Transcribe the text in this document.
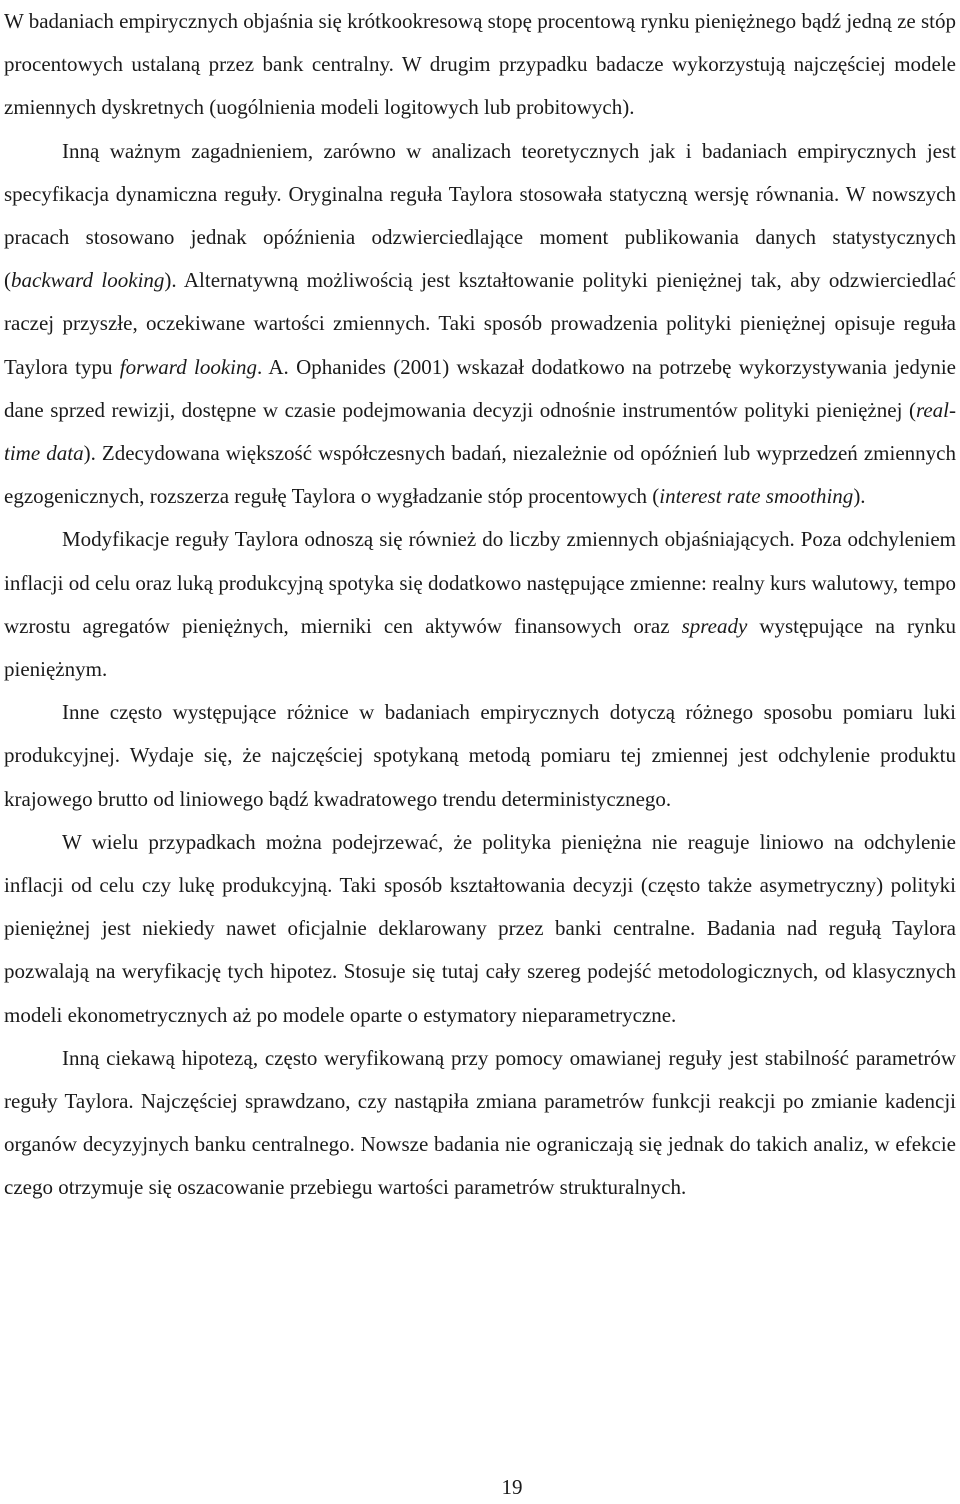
W badaniach empirycznych objaśnia się krótkookresową stopę procentową rynku pieniężnego bądź jedną ze stóp procentowych ustalaną przez bank centralny. W drugim przypadku badacze wykorzystują najczęściej modele zmiennych dyskretnych (uogólnienia modeli logitowych lub probitowych).

Inną ważnym zagadnieniem, zarówno w analizach teoretycznych jak i badaniach empirycznych jest specyfikacja dynamiczna reguły. Oryginalna reguła Taylora stosowała statyczną wersję równania. W nowszych pracach stosowano jednak opóźnienia odzwierciedlające moment publikowania danych statystycznych (backward looking). Alternatywną możliwością jest kształtowanie polityki pieniężnej tak, aby odzwierciedlać raczej przyszłe, oczekiwane wartości zmiennych. Taki sposób prowadzenia polityki pieniężnej opisuje reguła Taylora typu forward looking. A. Ophanides (2001) wskazał dodatkowo na potrzebę wykorzystywania jedynie dane sprzed rewizji, dostępne w czasie podejmowania decyzji odnośnie instrumentów polityki pieniężnej (real-time data). Zdecydowana większość współczesnych badań, niezależnie od opóźnień lub wyprzedzeń zmiennych egzogenicznych, rozszerza regułę Taylora o wygładzanie stóp procentowych (interest rate smoothing).

Modyfikacje reguły Taylora odnoszą się również do liczby zmiennych objaśniających. Poza odchyleniem inflacji od celu oraz luką produkcyjną spotyka się dodatkowo następujące zmienne: realny kurs walutowy, tempo wzrostu agregatów pieniężnych, mierniki cen aktywów finansowych oraz spready występujące na rynku pieniężnym.

Inne często występujące różnice w badaniach empirycznych dotyczą różnego sposobu pomiaru luki produkcyjnej. Wydaje się, że najczęściej spotykaną metodą pomiaru tej zmiennej jest odchylenie produktu krajowego brutto od liniowego bądź kwadratowego trendu deterministycznego.

W wielu przypadkach można podejrzewać, że polityka pieniężna nie reaguje liniowo na odchylenie inflacji od celu czy lukę produkcyjną. Taki sposób kształtowania decyzji (często także asymetryczny) polityki pieniężnej jest niekiedy nawet oficjalnie deklarowany przez banki centralne. Badania nad regułą Taylora pozwalają na weryfikację tych hipotez. Stosuje się tutaj cały szereg podejść metodologicznych, od klasycznych modeli ekonometrycznych aż po modele oparte o estymatory nieparametryczne.

Inną ciekawą hipotezą, często weryfikowaną przy pomocy omawianej reguły jest stabilność parametrów reguły Taylora. Najczęściej sprawdzano, czy nastąpiła zmiana parametrów funkcji reakcji po zmianie kadencji organów decyzyjnych banku centralnego. Nowsze badania nie ograniczają się jednak do takich analiz, w efekcie czego otrzymuje się oszacowanie przebiegu wartości parametrów strukturalnych.

19
